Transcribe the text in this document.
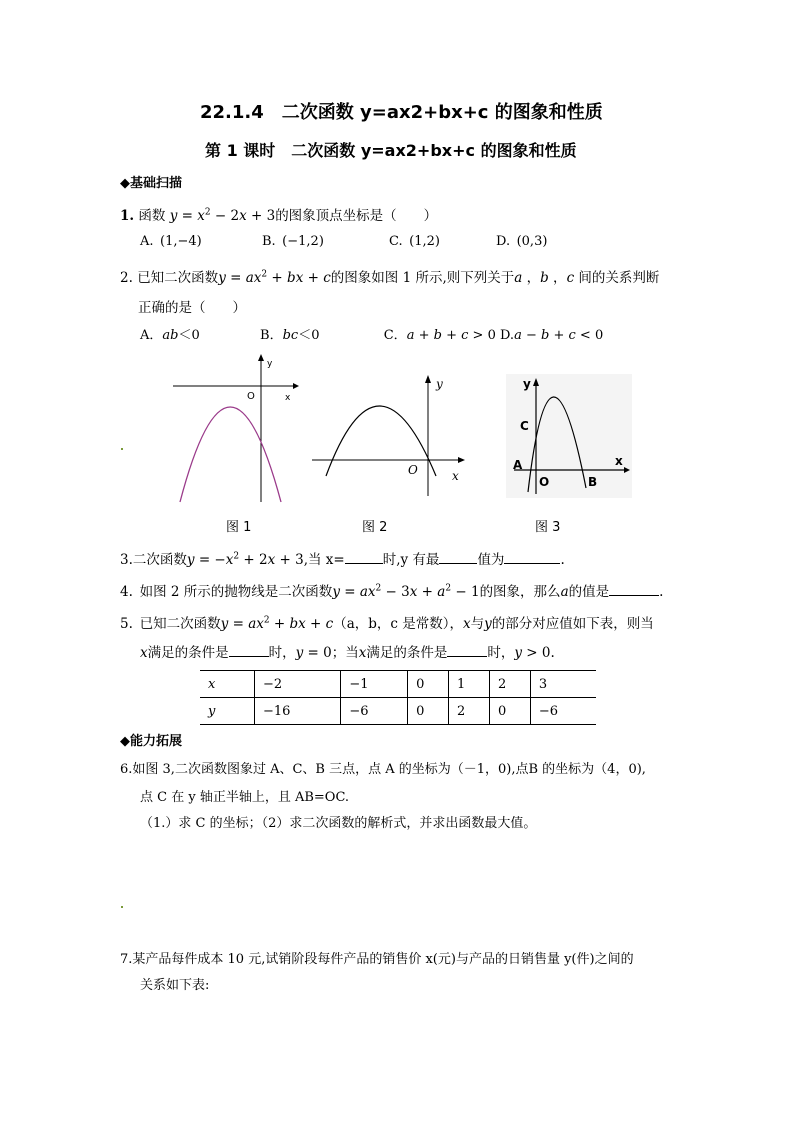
22.1.4　二次函数 y=ax2+bx+c 的图象和性质
第 1 课时　二次函数 y=ax2+bx+c 的图象和性质
◆基础扫描
1. 函数 $y = x^2 - 2x + 3$的图象顶点坐标是（　　）
A. (1,−4)	B. (−1,2)	C. (1,2)	D. (0,3)
2. 已知二次函数$y = ax^2$ + bx + c的图象如图 1 所示,则下列关于a ，b ，c 间的关系判断
正确的是（　　）
A．ab＜0	B．bc＜0	C．a + b + c > 0 D.a − b + c < 0
O	x
y
O	x
y
C
A
O	B
x
y
图 1	图 2	图 3
3.二次函数$y = -x^2 + 2x + 3$,当 x=	时,y 有最	值为	.
4. 如图 2 所示的抛物线是二次函数$y = ax^2 - 3x + a^2 - 1$的图象，那么a的值是	.
5. 已知二次函数$y = ax^2$ + bx + c（a，b，c 是常数），x与y的部分对应值如下表，则当
x满足的条件是	时，y = 0；当x满足的条件是	时，y > 0.
x	−2	−1	0	1	2	3
y	−16	−6	0	2	0	−6
◆能力拓展
6.如图 3,二次函数图象过 A、C、B 三点，点 A 的坐标为（－1，0),点B 的坐标为（4，0),
点 C 在 y 轴正半轴上，且 AB=OC.
（1.）求 C 的坐标；（2）求二次函数的解析式，并求出函数最大值。
7.某产品每件成本 10 元,试销阶段每件产品的销售价 x(元)与产品的日销售量 y(件)之间的
关系如下表:
